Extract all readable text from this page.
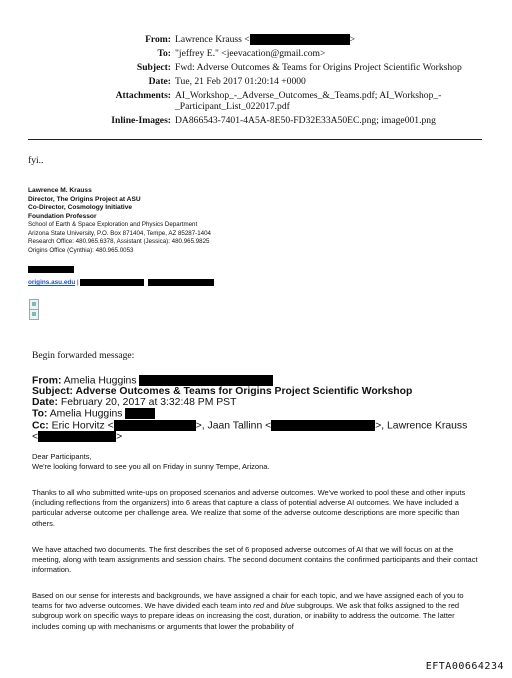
From: Lawrence Krauss <	>
To: "jeffrey E." <jeevacation@gmail.com>
Subject: Fwd: Adverse Outcomes & Teams for Origins Project Scientific Workshop
Date: Tue, 21 Feb 2017 01:20:14 +0000
Attachments: AI_Workshop_-_Adverse_Outcomes_&_Teams.pdf; AI_Workshop_-
_Participant_List_022017.pdf
Inline-Images: DA866543-7401-4A5A-8E50-FD32E33A50EC.png; image001.png
fyi..
Lawrence M. Krauss
Director, The Origins Project at ASU
Co-Director, Cosmology Initiative
Foundation Professor
School of Earth & Space Exploration and Physics Department
Arizona State University, P.O. Box 871404, Tempe, AZ 85287-1404
Research Office: 480.965.6378, Assistant (Jessica): 480.965.9825
Origins Office (Cynthia): 480.965.0053
origins.asu.edu |
Begin forwarded message:
From: Amelia Huggins
Subject: Adverse Outcomes & Teams for Origins Project Scientific Workshop
Date: February 20, 2017 at 3:32:48 PM PST
To: Amelia Huggins
Cc: Eric Horvitz <	>, Jaan Tallinn <	>, Lawrence Krauss
<	>
Dear Participants,
We're looking forward to see you all on Friday in sunny Tempe, Arizona.
Thanks to all who submitted write-ups on proposed scenarios and adverse outcomes. We've worked to pool these and other inputs (including reflections from the organizers) into 6 areas that capture a class of potential adverse AI outcomes. We have included a particular adverse outcome per challenge area. We realize that some of the adverse outcome descriptions are more specific than others.
We have attached two documents. The first describes the set of 6 proposed adverse outcomes of AI that we will focus on at the meeting, along with team assignments and session chairs. The second document contains the confirmed participants and their contact information.
Based on our sense for interests and backgrounds, we have assigned a chair for each topic, and we have assigned each of you to teams for two adverse outcomes. We have divided each team into red and blue subgroups. We ask that folks assigned to the red subgroup work on specific ways to prepare ideas on increasing the cost, duration, or inability to address the outcome. The latter includes coming up with mechanisms or arguments that lower the probability of
EFTA00664234
